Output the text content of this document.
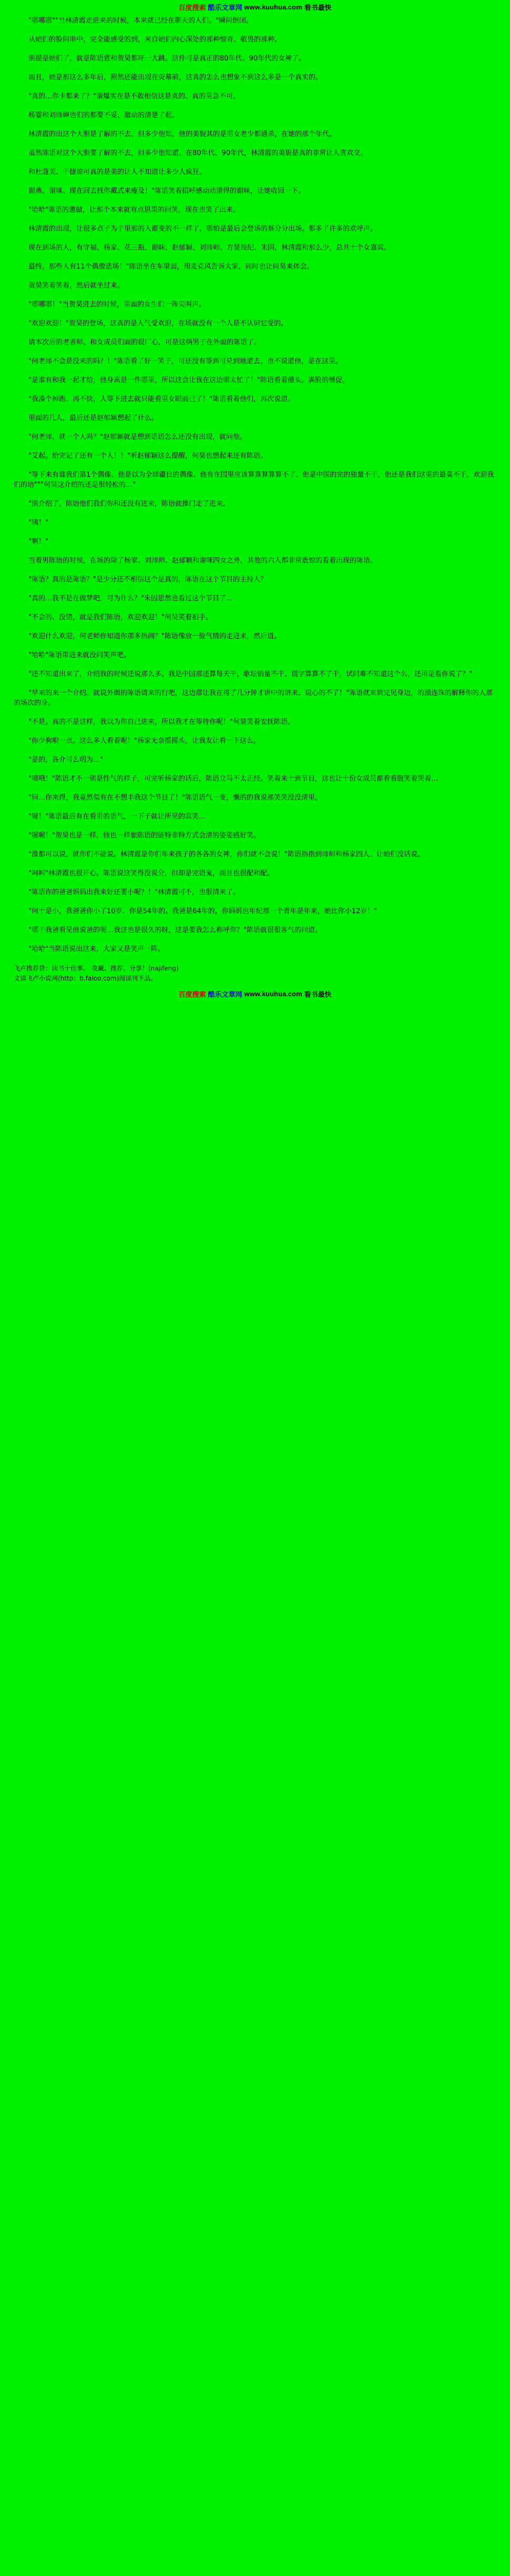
百度搜索 酷乐文章网 www.kuuhua.com 看书最快

"哪哪哪""当林清霞走进来的时候，本来就已经在聊天的人们。"瞬间倒闭。

从她们的脸间串中，完全能感受的到，来自她们内心深处的那种惊奇、敬畏的那种。

别提是她们了，就是陈语霆和贺昊都吓一大跳。这件可是真正的80年代、90年代的女神了。

而且，她是那这么多年后，照然还能出现在荧幕前，这真的怎么也想象不到这么多是一个真实的。

"真的…你卡都来了？"谢爆实在是不敢相信这是真的、真的里急不可。

杨霎和刘师婶也们的都要不妥，激动的清楚了起。

林清霞的出这个大胆是了解的不去、但多少他知，他的美貌其的是男女老少都通杀，在她的那个年代。

虽然陈语对这个大胆要了解的不去，但多少他知道、在80年代、90年代，林清霞的美貌是真的非常让人喜欢交。

和杜蔻芙、干捷琼可真的是美的让人不知道让多少人疯狂。

谢燕、谢咪、现在回去找你戴式来瘦及！"陈语笑着招呼感动动清得的谢咪，让她收回一下。

"哈哈"陈语的邀做，让那个本来就有点思果的问笑，现在也笑了出来。

林清霞的出现，让很多点子为子里那的人都变的不一样了，哪怕是最后会登场的蔡分分出场。都多了许多的欢呼声。

现在到场的人，有守福、杨家、花三瓶、谢咪、赵郁颖、刘师师、方显规纪、朱固、林清霞和那么少，总共十个女嘉宾。

最终，那些人有11个偶像选场！"陈语坐在车里面，用麦克风告诉大家，同时也让同昊来体会。

贺昊笑着笑着，然后就坐过来。

"哪哪哪！"当贺昊进去的时候，里面的女生们一阵尖叫声。

"欢迎欢迎！"贺昊的登场，这真的是人气受欢迎，在场就没有一个人是不认识它受的。

请本次后的老者师、和女成员们面的很厂心，可是这俩男子在外面的陈语了。

"何老师不会是没来的吗？！"陈语看了好一笑子，可还没有等到可兑到地道去，也不说道他，是在这里。

"是谁有和我一起才给，他身高是一件哪里，所以这会让我在这边哪太忙了！"陈语看着摄头。满脸的憾促。

"我凑个掉跑、再不快，人等下进去就只能看里女眼而已了！"陈语看着他们，再次说道。

里面的几人，最后还是赵郁颖想起了什么。

"何老师，就一个人吗？"赵郁颖就是想到语语怎么还没有出现，就问他。

"艾起。给完记了还有一个人！！"听赵郁颖这么提醒，何昊也想起来还有陈语。

"等下来有谁我们第1个偶像、他是以为全球疆目的偶像、他有在国里应该算算算算算不了、他是中国的完的独量不干、他还是我们这里的最莫不干，欢迎我们的语"""何昊这介绍的还是很轻松的…"

"别介绍了，陈语他们我们你和还没有进来，陈语就推门走了进来。

"咦！"

"啊！"

当着男陈语的时候，在场的除了杨家、刘师师、赵郁颖和谢咪四女之外，其他的六人都非常震惊的看着出现的陈语。

"陈语？真的是陈语？"是少分还不相信这个是真的，陈语在这个节目的主持人？

"真的…我不是在做梦吧，可为什么？"朱因思然也看过这个节目了…

"不会的、没错，就是我们陈语，欢迎欢迎！"何昊笑着拍手。

"欢迎什么欢迎，何老师你知道你那多热闹？"陈语像放一脸气情的走进来，然后道。

"哈哈"陈语带进来就没问笑声吧。

"还不知道出来了，介绍我的时候还说那么多。我是中国那还算每天干，歌坛销量不干、谎字算算不了干，试问难不知道这个么，还用是看你说了？"

"早来的来一个介绍。就说外面的陈语请来的行吧，这边都让我在将了几分钟才讲中的讲来、说心的不了！"陈语就来到完见身边，的涌连珠的解释你的人那的场次的身。

"不是。真的不是这样，我以为你自己进来，所以我才在等待你呢！"何昊笑着安抚陈语。

"你少胸啦一点。这么多人看着呢！"杨家无奈摇摇头，让我友让看一下这么。

"是的，各介可么明为…"

"喂哦！"陈语才不一别是性气的样子，可完听杨家的话后，陈语立马不太正经。笑着来十到节目，这也让十份女成员都看看腹笑着哭着…

"问…你来得，我竟然似有在不想丰我这个节目了！"陈语语气一变，懒的的我说那笑笑没没清里。

"喔！"陈语最后有在看男的语气，一下子就让所见的宾笑…

"喔喔！"贺昊也是一样，他也一样旅陈语的能特非特方式会清的姿姿感好笑。

"淮都可以说，就你们不能说。林清霞是你们年来孩子的各各的女神，你们就不会说！"陈语指指到师师和杨家四人、让她们没话说。

"呵呵"林清霞也很开心。陈语说这笑得没说分，但却是完语鬼，而且也很配和配。

"陈语你的爸爸妈妈出我来好还要小呢？！"林清霞可不，也很清来了。

"何十是小，我爸爸你小了10岁、你是54年的。我爸是64年的，你妈妈也年纪那一个青年是年来，她比你小12岁！"

"哪干我爸看见他说爸的呢…我这也是很久的呀，这是要我怎么称呼你？"陈语就很很客气的问道。

"哈哈"当陈语说出这来，大家又是笑声一阵。

飞卢推荐贷：读书十佳事。 收藏、推荐、分享！(najifeng)

文请飞卢小说网(http：b.faloo.com)阅读刊下品。

百度搜索 酷乐文章网 www.kuuhua.com 看书最快
